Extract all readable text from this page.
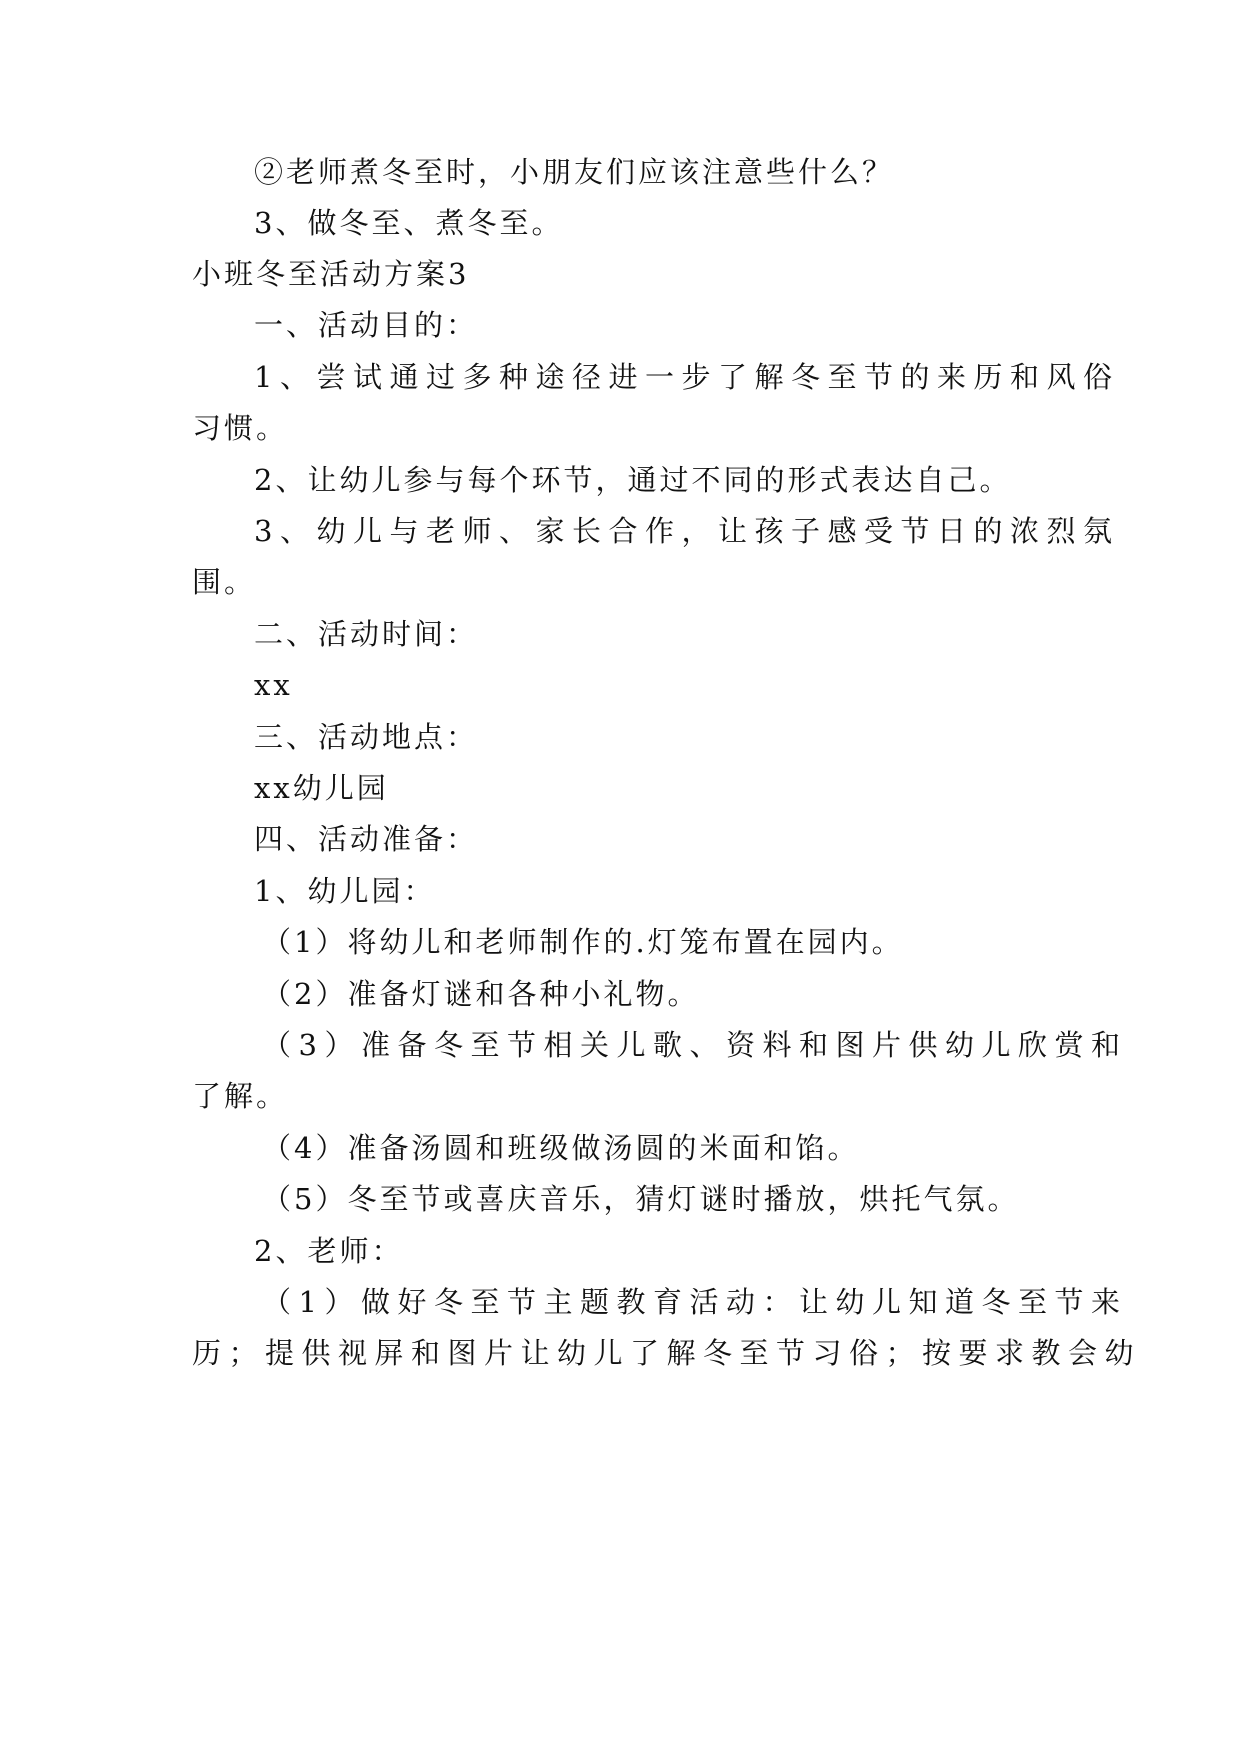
②老师煮冬至时，小朋友们应该注意些什么？
3、做冬至、煮冬至。
小班冬至活动方案3
一、活动目的：
1、尝试通过多种途径进一步了解冬至节的来历和风俗
习惯。
2、让幼儿参与每个环节，通过不同的形式表达自己。
3、幼儿与老师、家长合作，让孩子感受节日的浓烈氛
围。
二、活动时间：
xx
三、活动地点：
xx幼儿园
四、活动准备：
1、幼儿园：
（1）将幼儿和老师制作的.灯笼布置在园内。
（2）准备灯谜和各种小礼物。
（3）准备冬至节相关儿歌、资料和图片供幼儿欣赏和
了解。
（4）准备汤圆和班级做汤圆的米面和馅。
（5）冬至节或喜庆音乐，猜灯谜时播放，烘托气氛。
2、老师：
（1）做好冬至节主题教育活动：让幼儿知道冬至节来
历；提供视屏和图片让幼儿了解冬至节习俗；按要求教会幼
